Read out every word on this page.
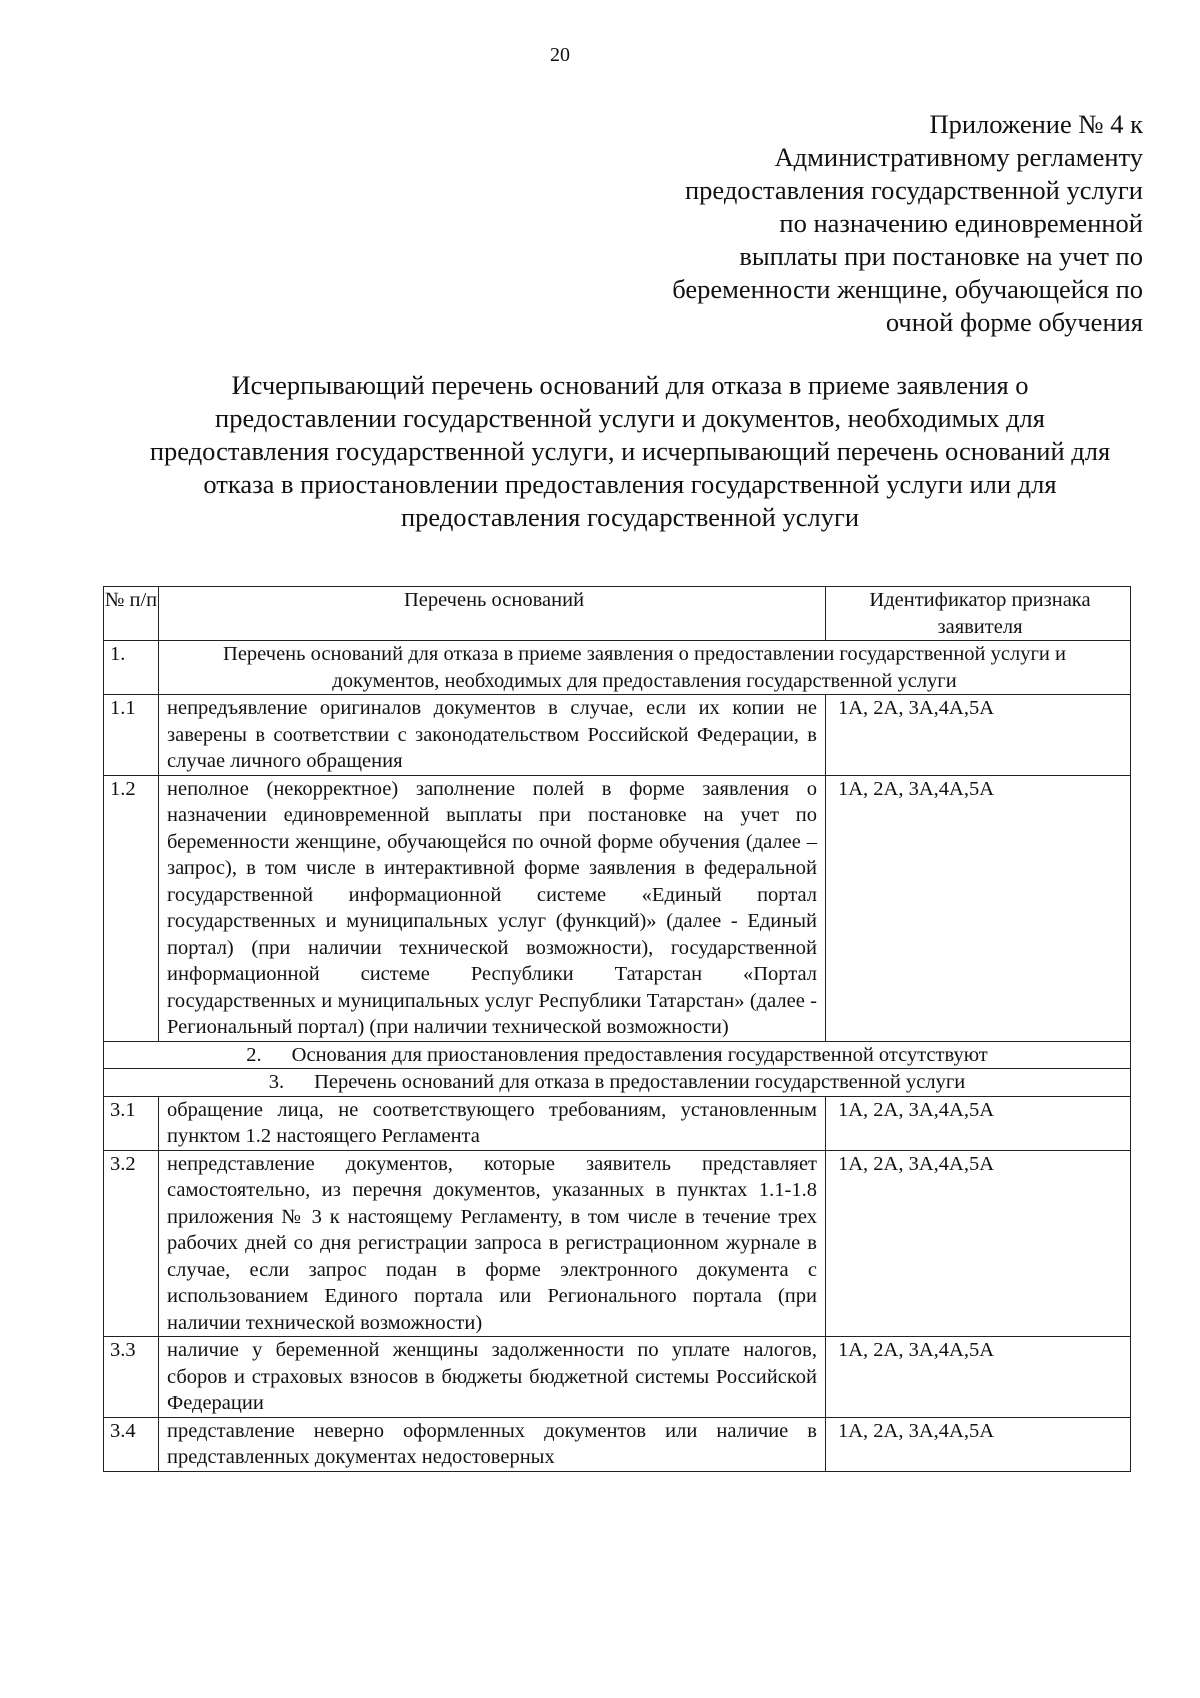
20
Приложение № 4 к
Административному регламенту
предоставления государственной услуги
по назначению единовременной
выплаты при постановке на учет по
беременности женщине, обучающейся по
очной форме обучения
Исчерпывающий перечень оснований для отказа в приеме заявления о
предоставлении государственной услуги и документов, необходимых для
предоставления государственной услуги, и исчерпывающий перечень оснований для
отказа в приостановлении предоставления государственной услуги или для
предоставления государственной услуги
№ п/п	Перечень оснований	Идентификатор признака заявителя
1.	Перечень оснований для отказа в приеме заявления о предоставлении государственной услуги и документов, необходимых для предоставления государственной услуги	
1.1	непредъявление оригиналов документов в случае, если их копии не заверены в соответствии с законодательством Российской Федерации, в случае личного обращения	1А, 2А, 3А,4А,5А
1.2	неполное (некорректное) заполнение полей в форме заявления о назначении единовременной выплаты при постановке на учет по беременности женщине, обучающейся по очной форме обучения (далее – запрос), в том числе в интерактивной форме заявления в федеральной государственной информационной системе «Единый портал государственных и муниципальных услуг (функций)» (далее - Единый портал) (при наличии технической возможности), государственной информационной системе Республики Татарстан «Портал государственных и муниципальных услуг Республики Татарстан» (далее - Региональный портал) (при наличии технической возможности)	1А, 2А, 3А,4А,5А
2. Основания для приостановления предоставления государственной отсутствуют		
3. Перечень оснований для отказа в предоставлении государственной услуги		
3.1	обращение лица, не соответствующего требованиям, установленным пунктом 1.2 настоящего Регламента	1А, 2А, 3А,4А,5А
3.2	непредставление документов, которые заявитель представляет самостоятельно, из перечня документов, указанных в пунктах 1.1-1.8 приложения № 3 к настоящему Регламенту, в том числе в течение трех рабочих дней со дня регистрации запроса в регистрационном журнале в случае, если запрос подан в форме электронного документа с использованием Единого портала или Регионального портала (при наличии технической возможности)	1А, 2А, 3А,4А,5А
3.3	наличие у беременной женщины задолженности по уплате налогов, сборов и страховых взносов в бюджеты бюджетной системы Российской Федерации	1А, 2А, 3А,4А,5А
3.4	представление неверно оформленных документов или наличие в представленных документах недостоверных	1А, 2А, 3А,4А,5А
